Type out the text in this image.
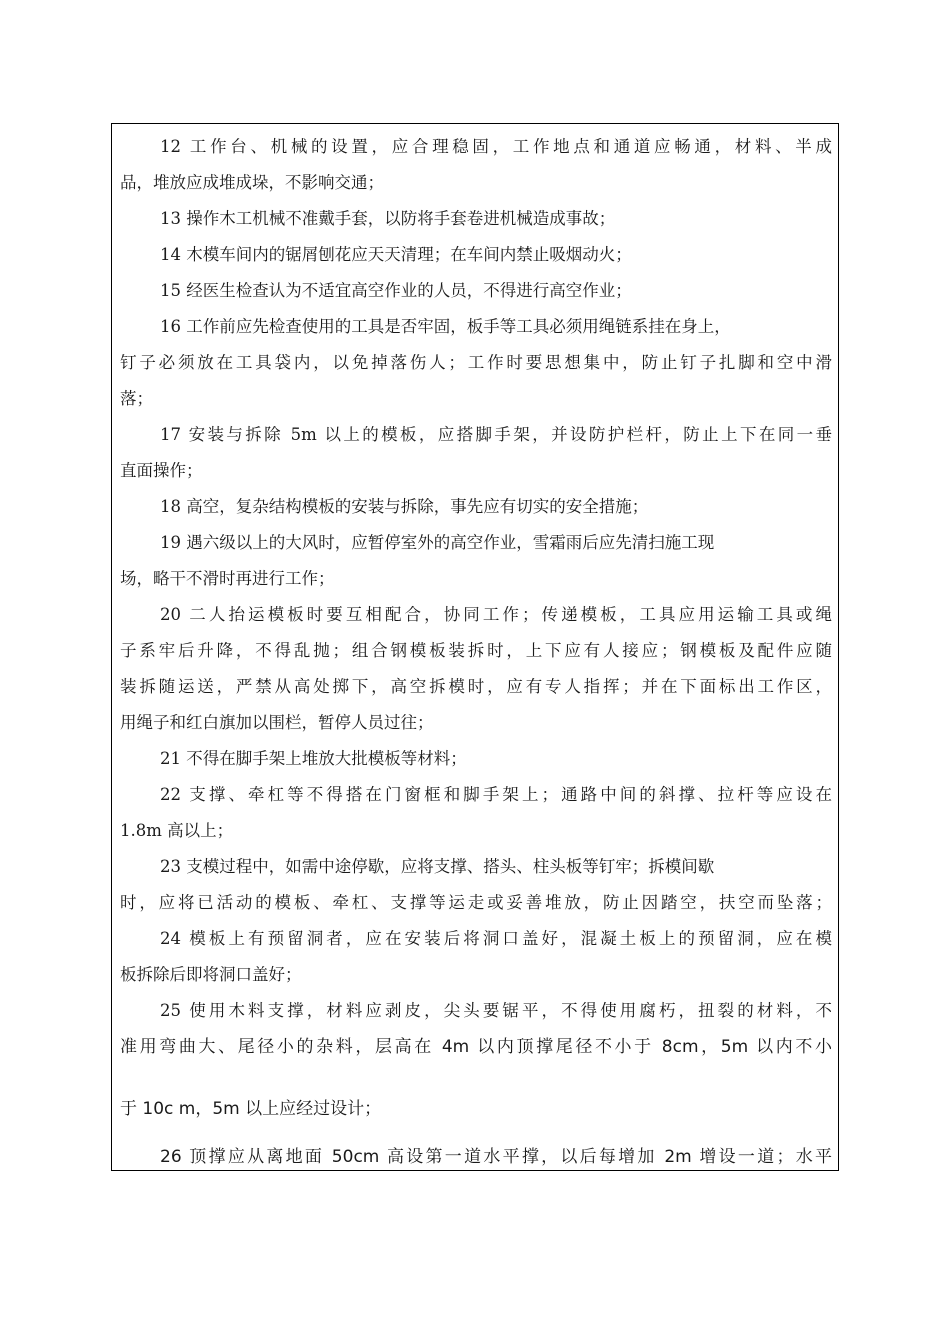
12 工作台、机械的设置，应合理稳固，工作地点和通道应畅通，材料、半成
品，堆放应成堆成垛，不影响交通；
13 操作木工机械不准戴手套，以防将手套卷进机械造成事故；
14 木模车间内的锯屑刨花应天天清理；在车间内禁止吸烟动火；
15 经医生检查认为不适宜高空作业的人员，不得进行高空作业；
16 工作前应先检查使用的工具是否牢固，板手等工具必须用绳链系挂在身上，
钉子必须放在工具袋内，以免掉落伤人；工作时要思想集中，防止钉子扎脚和空中滑
落；
17 安装与拆除 5m 以上的模板，应搭脚手架，并设防护栏杆，防止上下在同一垂
直面操作；
18 高空，复杂结构模板的安装与拆除，事先应有切实的安全措施；
19 遇六级以上的大风时，应暂停室外的高空作业，雪霜雨后应先清扫施工现
场，略干不滑时再进行工作；
20 二人抬运模板时要互相配合，协同工作；传递模板，工具应用运输工具或绳
子系牢后升降，不得乱抛；组合钢模板装拆时，上下应有人接应；钢模板及配件应随
装拆随运送，严禁从高处掷下，高空拆模时，应有专人指挥；并在下面标出工作区，
用绳子和红白旗加以围栏，暂停人员过往；
21 不得在脚手架上堆放大批模板等材料；
22 支撑、牵杠等不得搭在门窗框和脚手架上；通路中间的斜撑、拉杆等应设在
1.8m 高以上；
23 支模过程中，如需中途停歇，应将支撑、搭头、柱头板等钉牢；拆模间歇
时，应将已活动的模板、牵杠、支撑等运走或妥善堆放，防止因踏空，扶空而坠落；
24 模板上有预留洞者，应在安装后将洞口盖好，混凝土板上的预留洞，应在模
板拆除后即将洞口盖好；
25 使用木料支撑，材料应剥皮，尖头要锯平，不得使用腐朽，扭裂的材料，不
准用弯曲大、尾径小的杂料，层高在 4m 以内顶撑尾径不小于 8cm，5m 以内不小
于 10c m，5m 以上应经过设计；
26 顶撑应从离地面 50cm 高设第一道水平撑，以后每增加 2m 增设一道；水平
